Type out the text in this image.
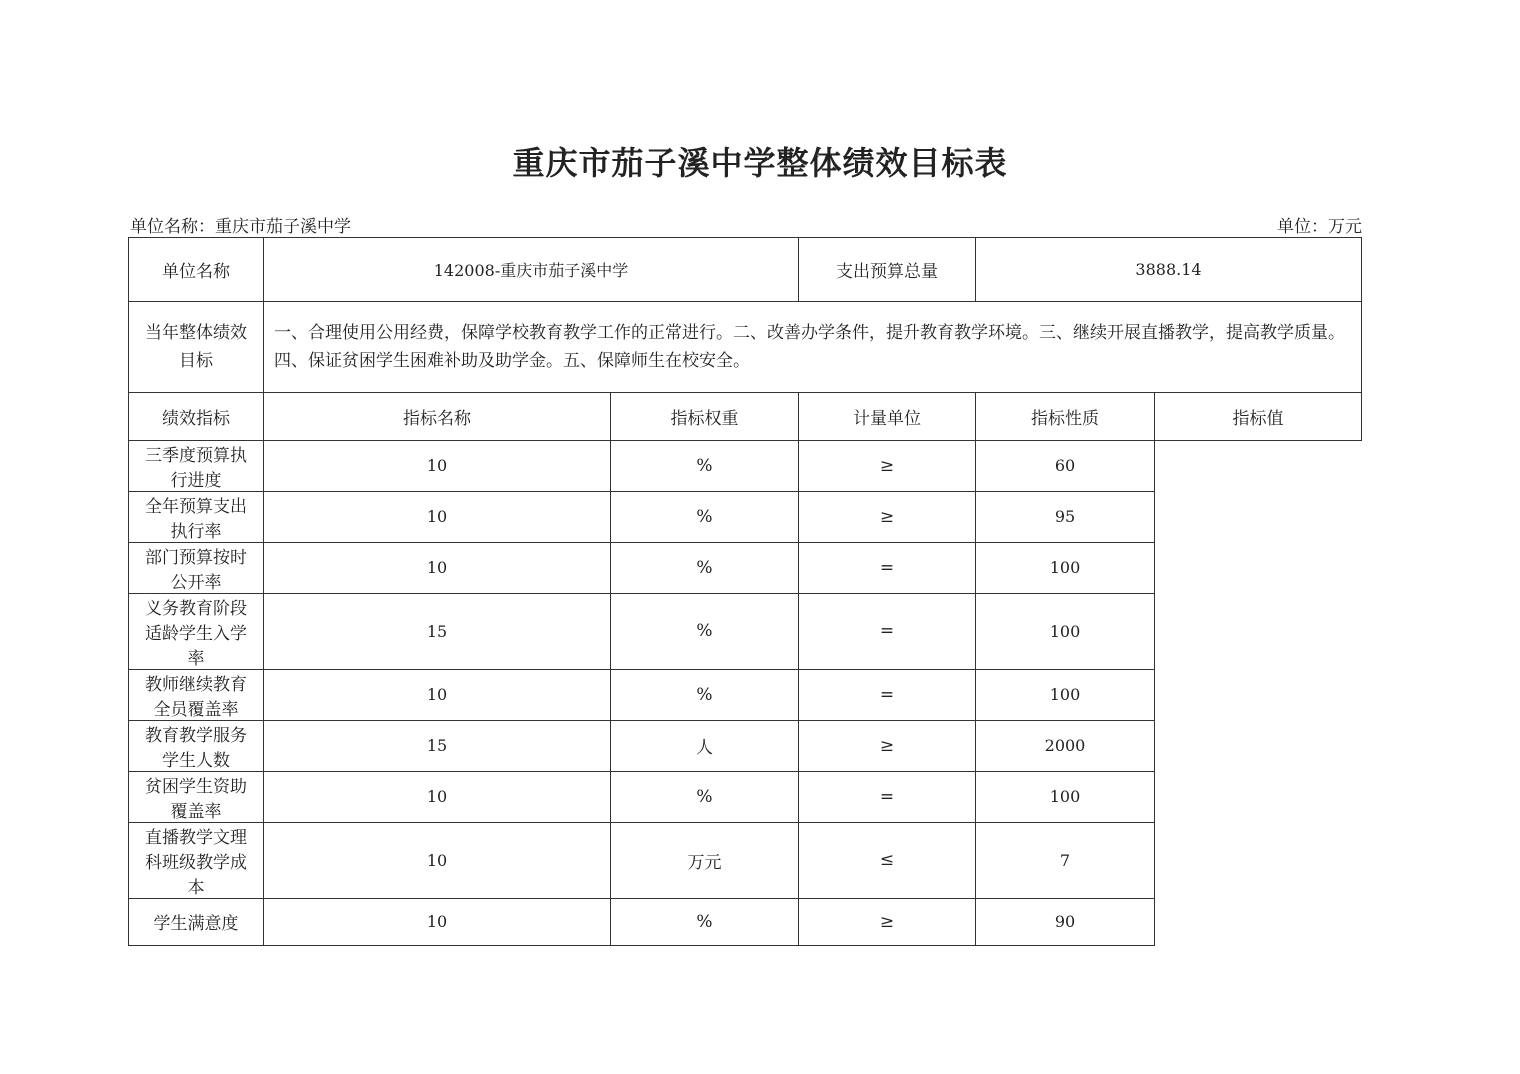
重庆市茄子溪中学整体绩效目标表
单位名称：重庆市茄子溪中学	单位：万元
单位名称	142008-重庆市茄子溪中学		支出预算总量	3888.14	
当年整体绩效目标	一、合理使用公用经费，保障学校教育教学工作的正常进行。二、改善办学条件，提升教育教学环境。三、继续开展直播教学，提高教学质量。四、保证贫困学生困难补助及助学金。五、保障师生在校安全。				
绩效指标	指标名称	指标权重	计量单位	指标性质	指标值
三季度预算执行进度	10	%	≥	60	
全年预算支出执行率	10	%	≥	95	
部门预算按时公开率	10	%	=	100	
义务教育阶段适龄学生入学率	15	%	=	100	
教师继续教育全员覆盖率	10	%	=	100	
教育教学服务学生人数	15	人	≥	2000	
贫困学生资助覆盖率	10	%	=	100	
直播教学文理科班级教学成本	10	万元	≤	7	
学生满意度	10	%	≥	90	
